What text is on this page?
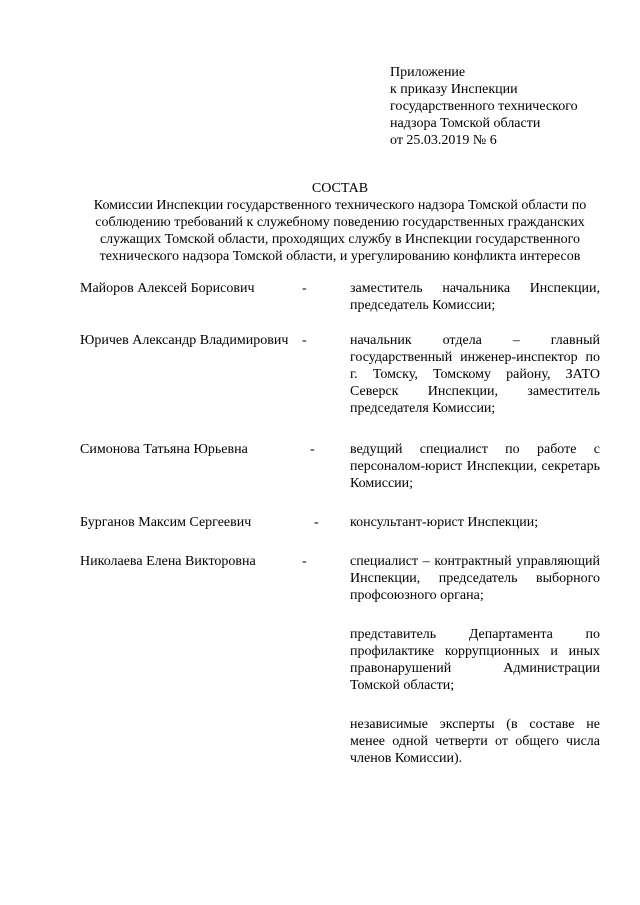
Приложение
к приказу Инспекции
государственного технического
надзора Томской области
от 25.03.2019 № 6
СОСТАВ
Комиссии Инспекции государственного технического надзора Томской области по
соблюдению требований к служебному поведению государственных гражданских
служащих Томской области, проходящих службу в Инспекции государственного
технического надзора Томской области, и урегулированию конфликта интересов
Майоров Алексей Борисович	-	заместитель начальника Инспекции, председатель Комиссии;
Юричев Александр Владимирович -	начальник отдела – главный государственный инженер-инспектор по г. Томску, Томскому району, ЗАТО Северск Инспекции, заместитель председателя Комиссии;
Симонова Татьяна Юрьевна	-	ведущий специалист по работе с персоналом-юрист Инспекции, секретарь Комиссии;
Бурганов Максим Сергеевич	- консультант-юрист Инспекции;
Николаева Елена Викторовна	-	специалист – контрактный управляющий Инспекции, председатель выборного профсоюзного органа;
представитель Департамента по профилактике коррупционных и иных правонарушений Администрации Томской области;
независимые эксперты (в составе не менее одной четверти от общего числа членов Комиссии).
